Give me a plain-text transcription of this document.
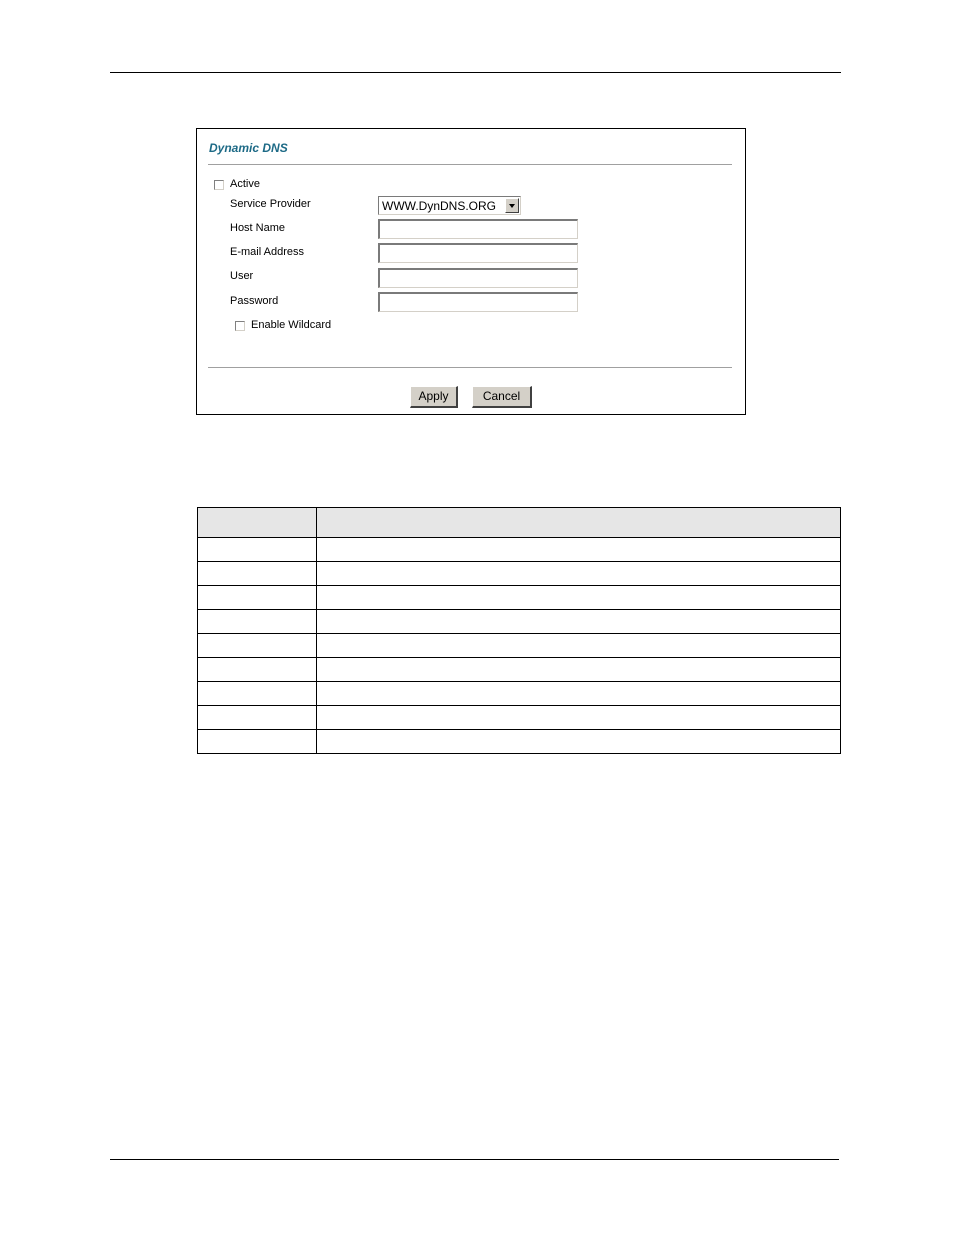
Dynamic DNS
Active
Service Provider	WWW.DynDNS.ORG
Host Name
E-mail Address
User
Password
Enable Wildcard
Apply	Cancel
